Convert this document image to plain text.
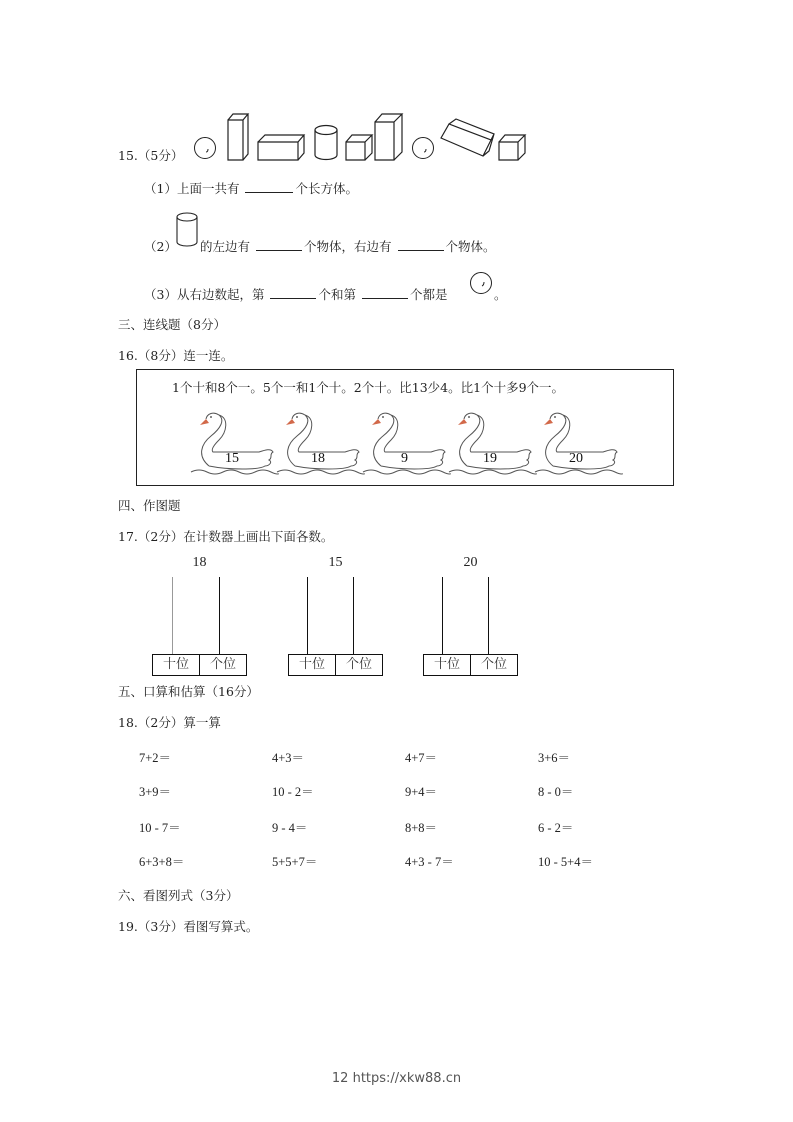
15.（5分）
（1）上面一共有	个长方体。
（2） 的左边有	个物体，右边有	个物体。
（3）从右边数起，第	个和第	个都是	。
三、连线题（8分）
16.（8分）连一连。
1个十和8个一。5个一和1个十。2个十。比13少4。比1个十多9个一。
15	18	9	19	20
四、作图题
17.（2分）在计数器上画出下面各数。
18
十位	个位
15
十位	个位
20
十位	个位
五、口算和估算（16分）
18.（2分）算一算
7+2＝	4+3＝	4+7＝	3+6＝
3+9＝	10 - 2＝	9+4＝	8 - 0＝
10 - 7＝	9 - 4＝	8+8＝	6 - 2＝
6+3+8＝	5+5+7＝	4+3 - 7＝	10 - 5+4＝
六、看图列式（3分）
19.（3分）看图写算式。
12 https://xkw88.cn
